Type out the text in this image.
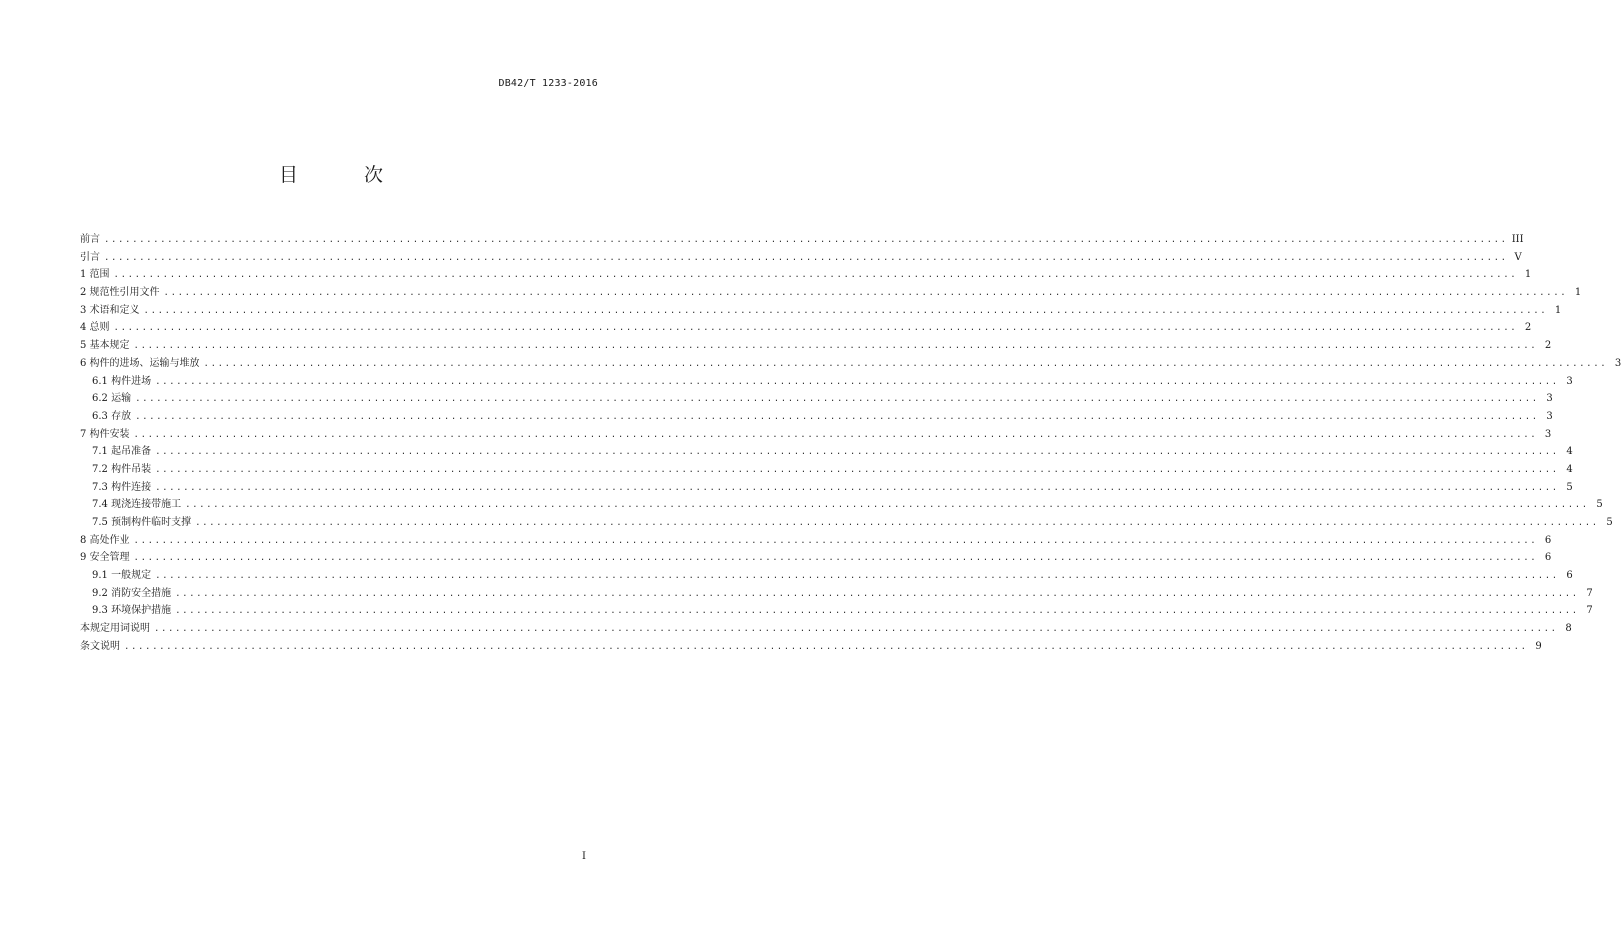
DB42/T 1233-2016
目 次
前言 ........................................................................................................................................................................................................ III
引言 ........................................................................................................................................................................................................ V
1 范围 ........................................................................................................................................................................................................ 1
2 规范性引用文件 ........................................................................................................................................................................................................ 1
3 术语和定义 ........................................................................................................................................................................................................ 1
4 总则 ........................................................................................................................................................................................................ 2
5 基本规定 ........................................................................................................................................................................................................ 2
6 构件的进场、运输与堆放 ........................................................................................................................................................................................................ 3
6.1 构件进场 ........................................................................................................................................................................................................ 3
6.2 运输 ........................................................................................................................................................................................................ 3
6.3 存放 ........................................................................................................................................................................................................ 3
7 构件安装 ........................................................................................................................................................................................................ 3
7.1 起吊准备 ........................................................................................................................................................................................................ 4
7.2 构件吊装 ........................................................................................................................................................................................................ 4
7.3 构件连接 ........................................................................................................................................................................................................ 5
7.4 现浇连接带施工 ........................................................................................................................................................................................................ 5
7.5 预制构件临时支撑 ........................................................................................................................................................................................................ 5
8 高处作业 ........................................................................................................................................................................................................ 6
9 安全管理 ........................................................................................................................................................................................................ 6
9.1 一般规定 ........................................................................................................................................................................................................ 6
9.2 消防安全措施 ........................................................................................................................................................................................................ 7
9.3 环境保护措施 ........................................................................................................................................................................................................ 7
本规定用词说明 ........................................................................................................................................................................................................ 8
条文说明 ........................................................................................................................................................................................................ 9
I
